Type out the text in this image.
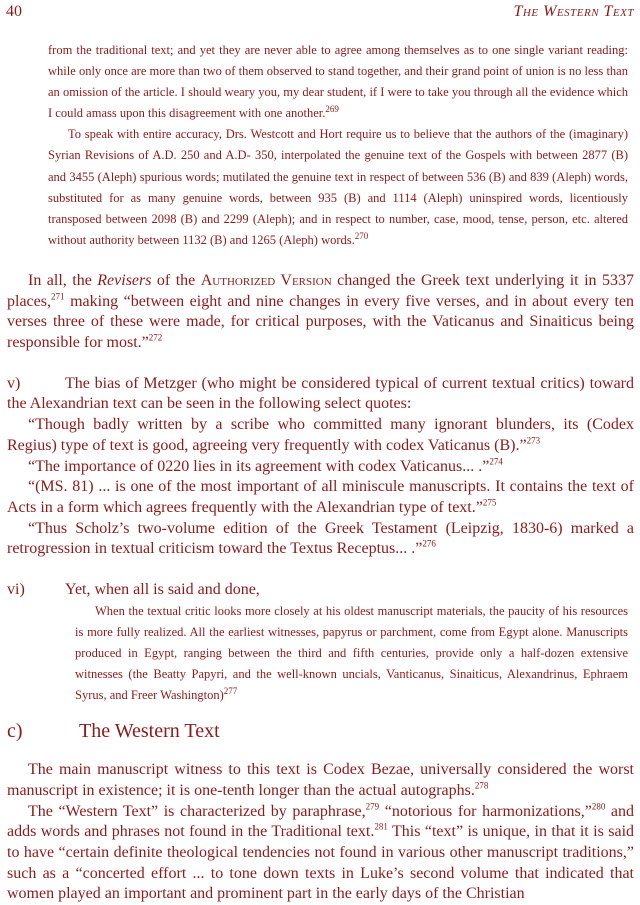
40	The Western Text

from the traditional text; and yet they are never able to agree among themselves as to one single variant reading: while only once are more than two of them observed to stand together, and their grand point of union is no less than an omission of the article. I should weary you, my dear student, if I were to take you through all the evidence which I could amass upon this disagreement with one another.$^{269}$

To speak with entire accuracy, Drs. Westcott and Hort require us to believe that the authors of the (imaginary) Syrian Revisions of A.D. 250 and A.D- 350, interpolated the genuine text of the Gospels with between 2877 (B) and 3455 (Aleph) spurious words; mutilated the genuine text in respect of between 536 (B) and 839 (Aleph) words, substituted for as many genuine words, between 935 (B) and 1114 (Aleph) uninspired words, licentiously transposed between 2098 (B) and 2299 (Aleph); and in respect to number, case, mood, tense, person, etc. altered without authority between 1132 (B) and 1265 (Aleph) words.$^{270}$

In all, the Revisers of the Authorized Version changed the Greek text underlying it in 5337 places,$^{271}$ making “between eight and nine changes in every five verses, and in about every ten verses three of these were made, for critical purposes, with the Vaticanus and Sinaiticus being responsible for most.”$^{272}$

v)	The bias of Metzger (who might be considered typical of current textual critics) toward the Alexandrian text can be seen in the following select quotes:

“Though badly written by a scribe who committed many ignorant blunders, its (Codex Regius) type of text is good, agreeing very frequently with codex Vaticanus (B).”$^{273}$

“The importance of 0220 lies in its agreement with codex Vaticanus... .”$^{274}$

“(MS. 81) ... is one of the most important of all miniscule manuscripts. It contains the text of Acts in a form which agrees frequently with the Alexandrian type of text.”$^{275}$

“Thus Scholz’s two-volume edition of the Greek Testament (Leipzig, 1830-6) marked a retrogression in textual criticism toward the Textus Receptus... .”$^{276}$

vi)	Yet, when all is said and done,

When the textual critic looks more closely at his oldest manuscript materials, the paucity of his resources is more fully realized. All the earliest witnesses, papyrus or parchment, come from Egypt alone. Manuscripts produced in Egypt, ranging between the third and fifth centuries, provide only a half-dozen extensive witnesses (the Beatty Papyri, and the well-known uncials, Vanticanus, Sinaiticus, Alexandrinus, Ephraem Syrus, and Freer Washington)$^{277}$

c)	The Western Text

The main manuscript witness to this text is Codex Bezae, universally considered the worst manuscript in existence; it is one-tenth longer than the actual autographs.$^{278}$

The “Western Text” is characterized by paraphrase,$^{279}$ “notorious for harmonizations,”$^{280}$ and adds words and phrases not found in the Traditional text.$^{281}$ This “text” is unique, in that it is said to have “certain definite theological tendencies not found in various other manuscript traditions,” such as a “concerted effort ... to tone down texts in Luke’s second volume that indicated that women played an important and prominent part in the early days of the Christian
